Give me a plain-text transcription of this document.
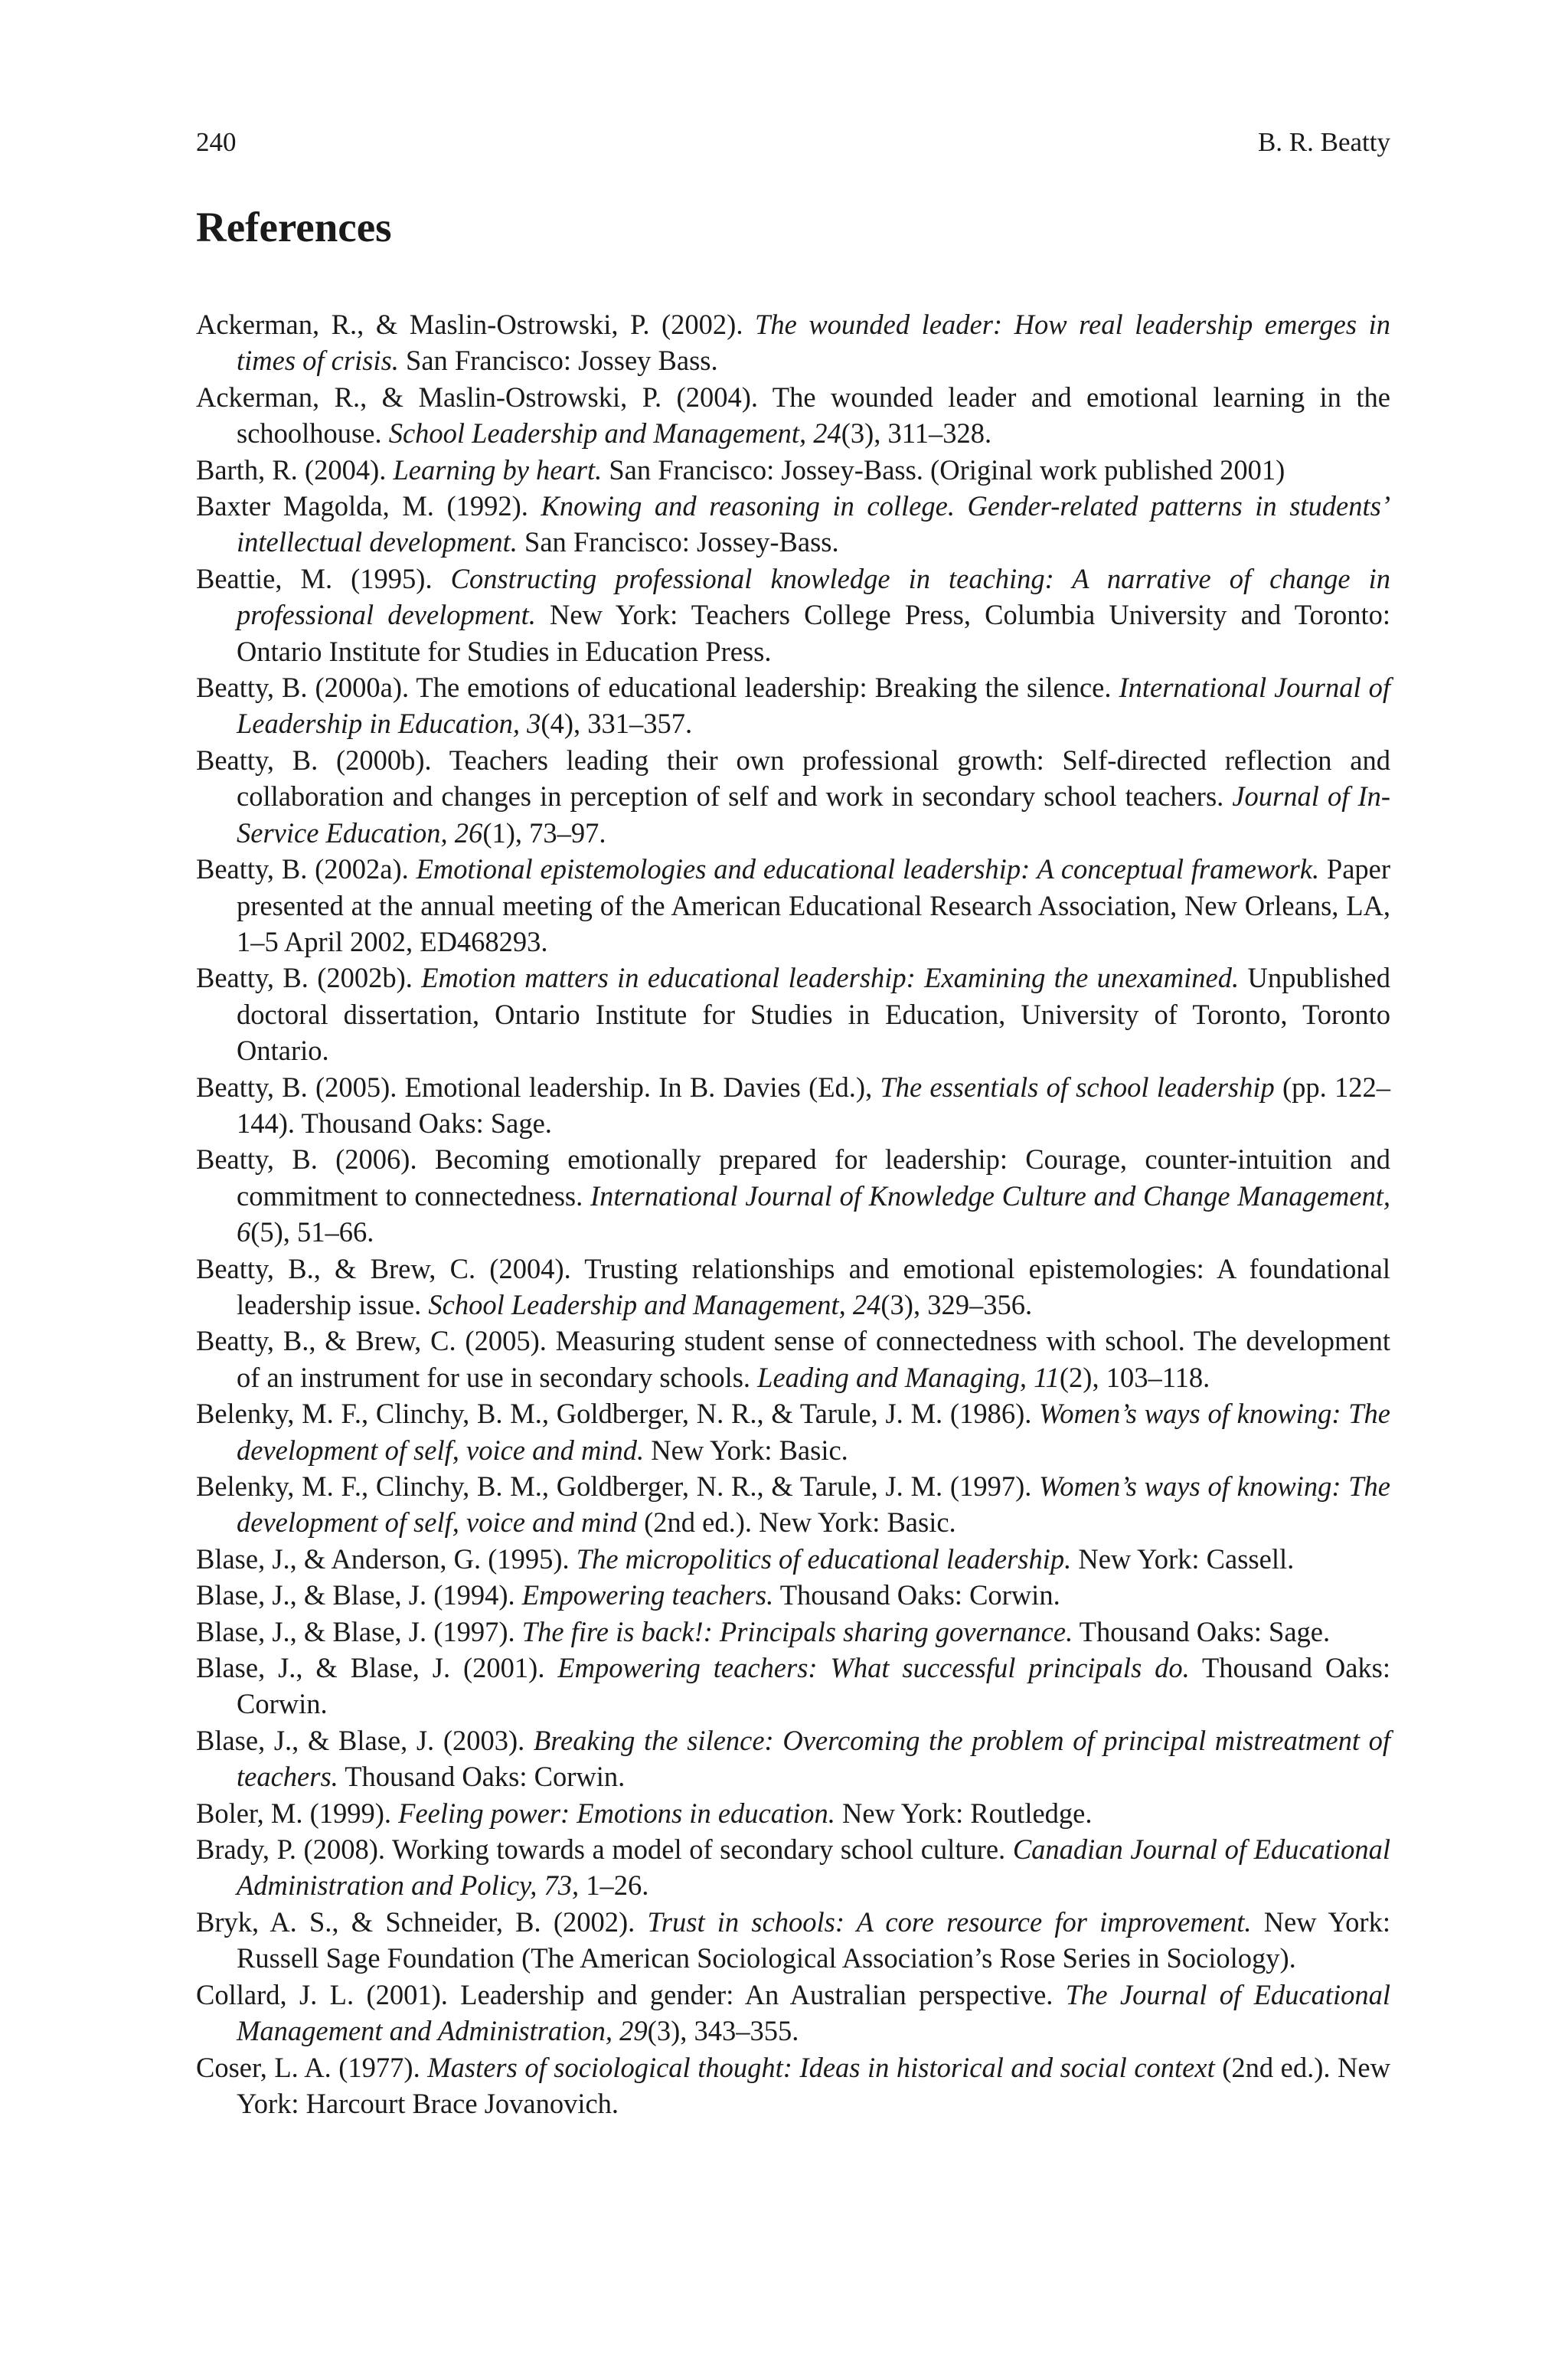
240	B. R. Beatty
References
Ackerman, R., & Maslin-Ostrowski, P. (2002). The wounded leader: How real leadership emerges in times of crisis. San Francisco: Jossey Bass.
Ackerman, R., & Maslin-Ostrowski, P. (2004). The wounded leader and emotional learning in the schoolhouse. School Leadership and Management, 24(3), 311–328.
Barth, R. (2004). Learning by heart. San Francisco: Jossey-Bass. (Original work published 2001)
Baxter Magolda, M. (1992). Knowing and reasoning in college. Gender-related patterns in students’ intellectual development. San Francisco: Jossey-Bass.
Beattie, M. (1995). Constructing professional knowledge in teaching: A narrative of change in professional development. New York: Teachers College Press, Columbia University and Toronto: Ontario Institute for Studies in Education Press.
Beatty, B. (2000a). The emotions of educational leadership: Breaking the silence. International Journal of Leadership in Education, 3(4), 331–357.
Beatty, B. (2000b). Teachers leading their own professional growth: Self-directed reflection and collaboration and changes in perception of self and work in secondary school teachers. Journal of In-Service Education, 26(1), 73–97.
Beatty, B. (2002a). Emotional epistemologies and educational leadership: A conceptual framework. Paper presented at the annual meeting of the American Educational Research Association, New Orleans, LA, 1–5 April 2002, ED468293.
Beatty, B. (2002b). Emotion matters in educational leadership: Examining the unexamined. Unpublished doctoral dissertation, Ontario Institute for Studies in Education, University of Toronto, Toronto Ontario.
Beatty, B. (2005). Emotional leadership. In B. Davies (Ed.), The essentials of school leadership (pp. 122–144). Thousand Oaks: Sage.
Beatty, B. (2006). Becoming emotionally prepared for leadership: Courage, counter-intuition and commitment to connectedness. International Journal of Knowledge Culture and Change Management, 6(5), 51–66.
Beatty, B., & Brew, C. (2004). Trusting relationships and emotional epistemologies: A foundational leadership issue. School Leadership and Management, 24(3), 329–356.
Beatty, B., & Brew, C. (2005). Measuring student sense of connectedness with school. The development of an instrument for use in secondary schools. Leading and Managing, 11(2), 103–118.
Belenky, M. F., Clinchy, B. M., Goldberger, N. R., & Tarule, J. M. (1986). Women’s ways of knowing: The development of self, voice and mind. New York: Basic.
Belenky, M. F., Clinchy, B. M., Goldberger, N. R., & Tarule, J. M. (1997). Women’s ways of knowing: The development of self, voice and mind (2nd ed.). New York: Basic.
Blase, J., & Anderson, G. (1995). The micropolitics of educational leadership. New York: Cassell.
Blase, J., & Blase, J. (1994). Empowering teachers. Thousand Oaks: Corwin.
Blase, J., & Blase, J. (1997). The fire is back!: Principals sharing governance. Thousand Oaks: Sage.
Blase, J., & Blase, J. (2001). Empowering teachers: What successful principals do. Thousand Oaks: Corwin.
Blase, J., & Blase, J. (2003). Breaking the silence: Overcoming the problem of principal mistreatment of teachers. Thousand Oaks: Corwin.
Boler, M. (1999). Feeling power: Emotions in education. New York: Routledge.
Brady, P. (2008). Working towards a model of secondary school culture. Canadian Journal of Educational Administration and Policy, 73, 1–26.
Bryk, A. S., & Schneider, B. (2002). Trust in schools: A core resource for improvement. New York: Russell Sage Foundation (The American Sociological Association’s Rose Series in Sociology).
Collard, J. L. (2001). Leadership and gender: An Australian perspective. The Journal of Educational Management and Administration, 29(3), 343–355.
Coser, L. A. (1977). Masters of sociological thought: Ideas in historical and social context (2nd ed.). New York: Harcourt Brace Jovanovich.
